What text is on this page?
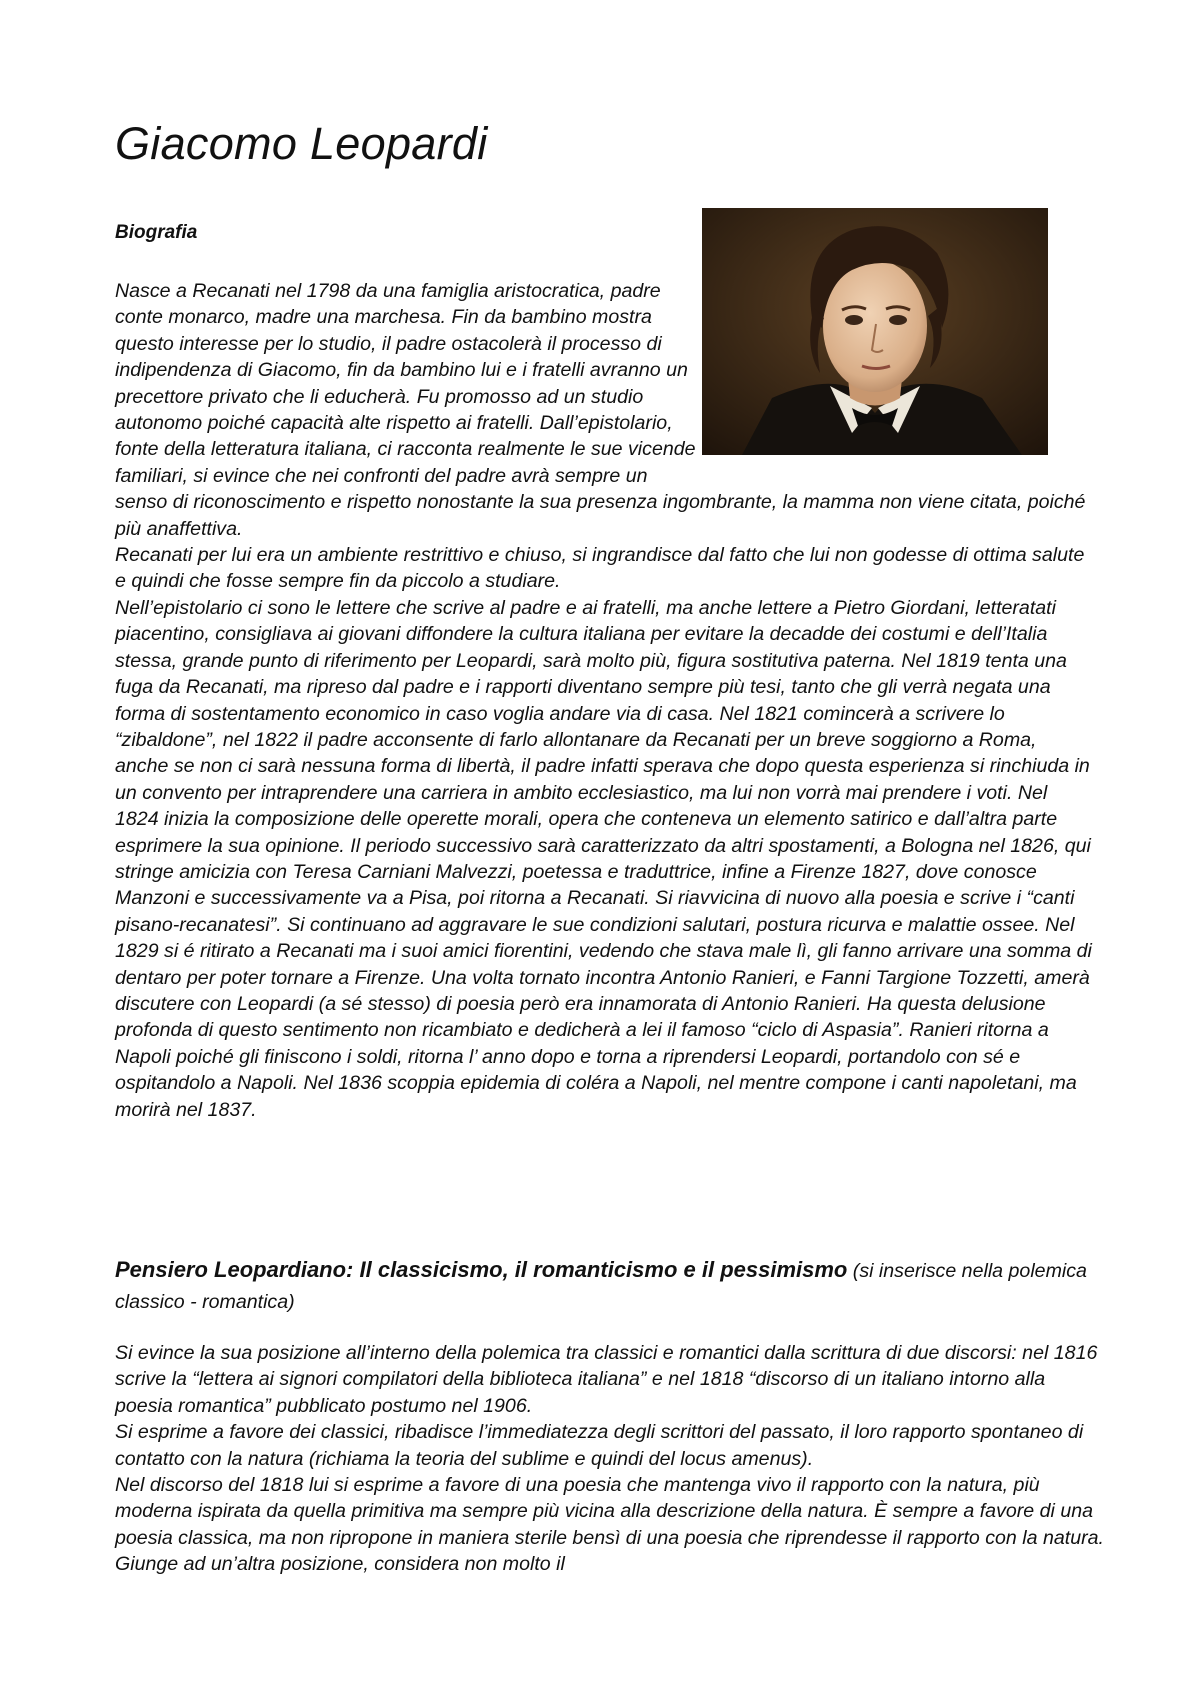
Giacomo Leopardi
Biografia
Nasce a Recanati nel 1798 da una famiglia aristocratica, padre conte monarco, madre una marchesa. Fin da bambino mostra questo interesse per lo studio, il padre ostacolerà il processo di indipendenza di Giacomo, fin da bambino lui e i fratelli avranno un precettore privato che li educherà. Fu promosso ad un studio autonomo poiché capacità alte rispetto ai fratelli. Dall’epistolario, fonte della letteratura italiana, ci racconta realmente le sue vicende familiari, si evince che nei confronti del padre avrà sempre un senso di riconoscimento e rispetto nonostante la sua presenza ingombrante, la mamma non viene citata, poiché più anaffettiva.
Recanati per lui era un ambiente restrittivo e chiuso, si ingrandisce dal fatto che lui non godesse di ottima salute e quindi che fosse sempre fin da piccolo a studiare.
Nell’epistolario ci sono le lettere che scrive al padre e ai fratelli, ma anche lettere a Pietro Giordani, letteratati piacentino, consigliava ai giovani diffondere la cultura italiana per evitare la decadde dei costumi e dell’Italia stessa, grande punto di riferimento per Leopardi, sarà molto più, figura sostitutiva paterna. Nel 1819 tenta una fuga da Recanati, ma ripreso dal padre e i rapporti diventano sempre più tesi, tanto che gli verrà negata una forma di sostentamento economico in caso voglia andare via di casa. Nel 1821 comincerà a scrivere lo “zibaldone”, nel 1822 il padre acconsente di farlo allontanare da Recanati per un breve soggiorno a Roma, anche se non ci sarà nessuna forma di libertà, il padre infatti sperava che dopo questa esperienza si rinchiuda in un convento per intraprendere una carriera in ambito ecclesiastico, ma lui non vorrà mai prendere i voti. Nel 1824 inizia la composizione delle operette morali, opera che conteneva un elemento satirico e dall’altra parte esprimere la sua opinione. Il periodo successivo sarà caratterizzato da altri spostamenti, a Bologna nel 1826, qui stringe amicizia con Teresa Carniani Malvezzi, poetessa e traduttrice, infine a Firenze 1827, dove conosce Manzoni e successivamente va a Pisa, poi ritorna a Recanati. Si riavvicina di nuovo alla poesia e scrive i “canti pisano-recanatesi”. Si continuano ad aggravare le sue condizioni salutari, postura ricurva e malattie ossee. Nel 1829 si é ritirato a Recanati ma i suoi amici fiorentini, vedendo che stava male lì, gli fanno arrivare una somma di dentaro per poter tornare a Firenze. Una volta tornato incontra Antonio Ranieri, e Fanni Targione Tozzetti, amerà discutere con Leopardi (a sé stesso) di poesia però era innamorata di Antonio Ranieri. Ha questa delusione profonda di questo sentimento non ricambiato e dedicherà a lei il famoso “ciclo di Aspasia”. Ranieri ritorna a Napoli poiché gli finiscono i soldi, ritorna l’ anno dopo e torna a riprendersi Leopardi, portandolo con sé e ospitandolo a Napoli. Nel 1836 scoppia epidemia di coléra a Napoli, nel mentre compone i canti napoletani, ma morirà nel 1837.
Pensiero Leopardiano: Il classicismo, il romanticismo e il pessimismo (si inserisce nella polemica classico - romantica)
Si evince la sua posizione all’interno della polemica tra classici e romantici dalla scrittura di due discorsi: nel 1816 scrive la “lettera ai signori compilatori della biblioteca italiana” e nel 1818 “discorso di un italiano intorno alla poesia romantica” pubblicato postumo nel 1906.
Si esprime a favore dei classici, ribadisce l’immediatezza degli scrittori del passato, il loro rapporto spontaneo di contatto con la natura (richiama la teoria del sublime e quindi del locus amenus).
Nel discorso del 1818 lui si esprime a favore di una poesia che mantenga vivo il rapporto con la natura, più moderna ispirata da quella primitiva ma sempre più vicina alla descrizione della natura. È sempre a favore di una poesia classica, ma non ripropone in maniera sterile bensì di una poesia che riprendesse il rapporto con la natura. Giunge ad un’altra posizione, considera non molto il
